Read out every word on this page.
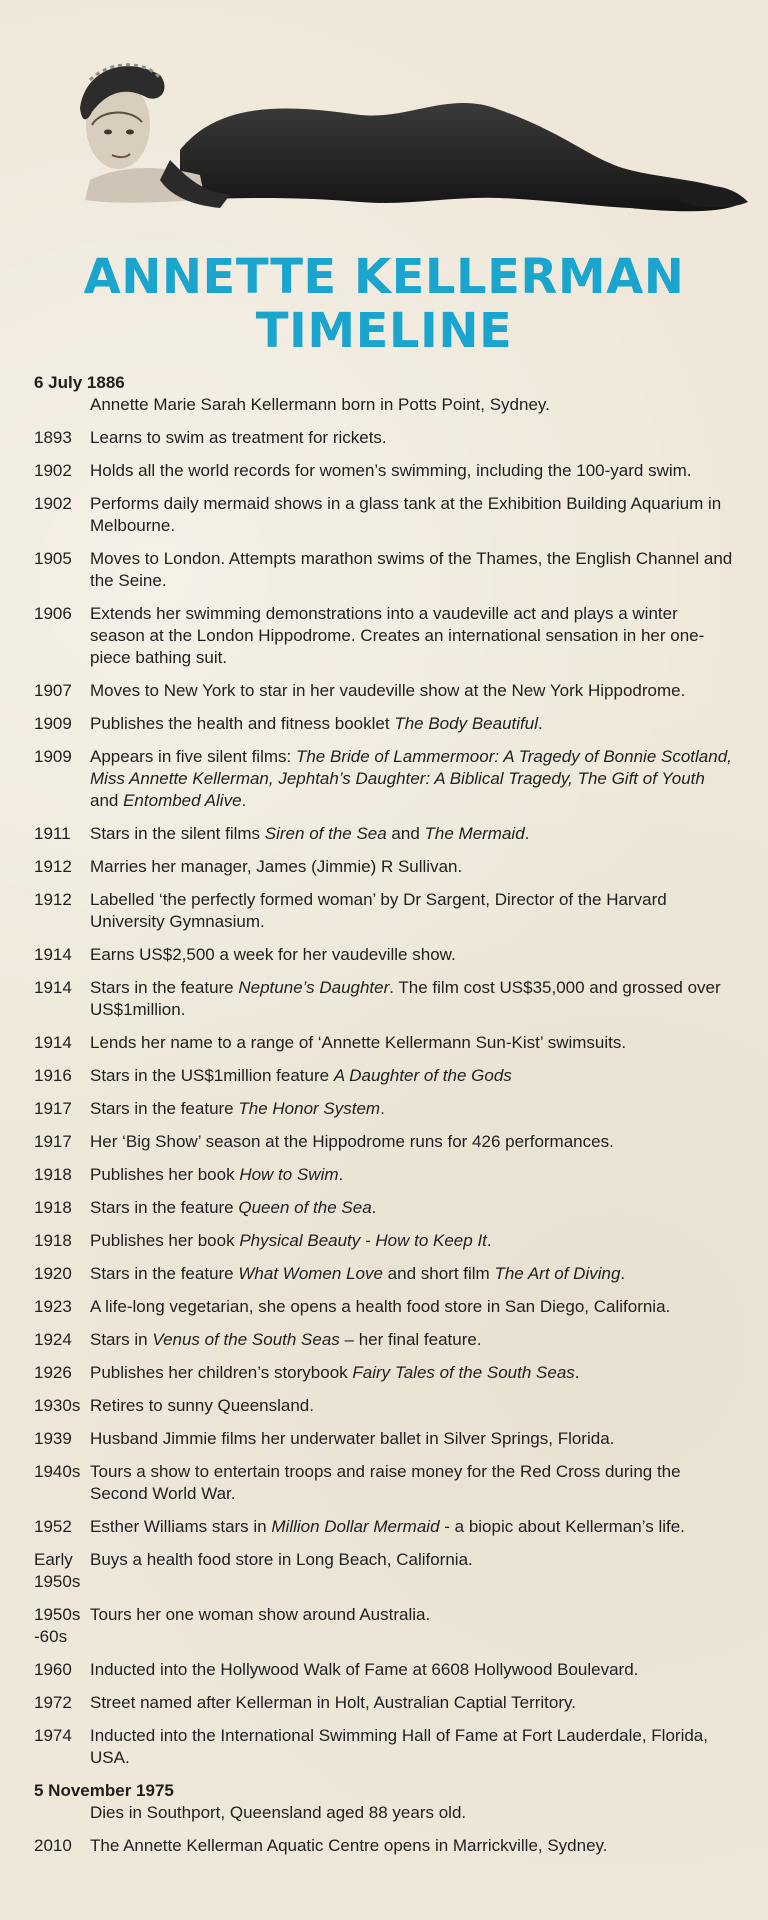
ANNETTE KELLERMAN
TIMELINE
6 July 1886
Annette Marie Sarah Kellermann born in Potts Point, Sydney.
1893	Learns to swim as treatment for rickets.
1902	Holds all the world records for women’s swimming, including the 100-yard swim.
1902	Performs daily mermaid shows in a glass tank at the Exhibition Building Aquarium in Melbourne.
1905	Moves to London. Attempts marathon swims of the Thames, the English Channel and the Seine.
1906	Extends her swimming demonstrations into a vaudeville act and plays a winter season at the London Hippodrome. Creates an international sensation in her one-piece bathing suit.
1907	Moves to New York to star in her vaudeville show at the New York Hippodrome.
1909	Publishes the health and fitness booklet The Body Beautiful.
1909	Appears in five silent films: The Bride of Lammermoor: A Tragedy of Bonnie Scotland, Miss Annette Kellerman, Jephtah’s Daughter: A Biblical Tragedy, The Gift of Youth and Entombed Alive.
1911	Stars in the silent films Siren of the Sea and The Mermaid.
1912	Marries her manager, James (Jimmie) R Sullivan.
1912	Labelled ‘the perfectly formed woman’ by Dr Sargent, Director of the Harvard University Gymnasium.
1914	Earns US$2,500 a week for her vaudeville show.
1914	Stars in the feature Neptune’s Daughter. The film cost US$35,000 and grossed over US$1million.
1914	Lends her name to a range of ‘Annette Kellermann Sun-Kist’ swimsuits.
1916	Stars in the US$1million feature A Daughter of the Gods
1917	Stars in the feature The Honor System.
1917	Her ‘Big Show’ season at the Hippodrome runs for 426 performances.
1918	Publishes her book How to Swim.
1918	Stars in the feature Queen of the Sea.
1918	Publishes her book Physical Beauty - How to Keep It.
1920	Stars in the feature What Women Love and short film The Art of Diving.
1923	A life-long vegetarian, she opens a health food store in San Diego, California.
1924	Stars in Venus of the South Seas – her final feature.
1926	Publishes her children’s storybook Fairy Tales of the South Seas.
1930s Retires to sunny Queensland.
1939	Husband Jimmie films her underwater ballet in Silver Springs, Florida.
1940s Tours a show to entertain troops and raise money for the Red Cross during the Second World War.
1952	Esther Williams stars in Million Dollar Mermaid - a biopic about Kellerman’s life.
Early 1950s
Buys a health food store in Long Beach, California.
1950s -60s
Tours her one woman show around Australia.
1960	Inducted into the Hollywood Walk of Fame at 6608 Hollywood Boulevard.
1972	Street named after Kellerman in Holt, Australian Captial Territory.
1974	Inducted into the International Swimming Hall of Fame at Fort Lauderdale, Florida, USA.
5 November 1975
Dies in Southport, Queensland aged 88 years old.
2010	The Annette Kellerman Aquatic Centre opens in Marrickville, Sydney.
